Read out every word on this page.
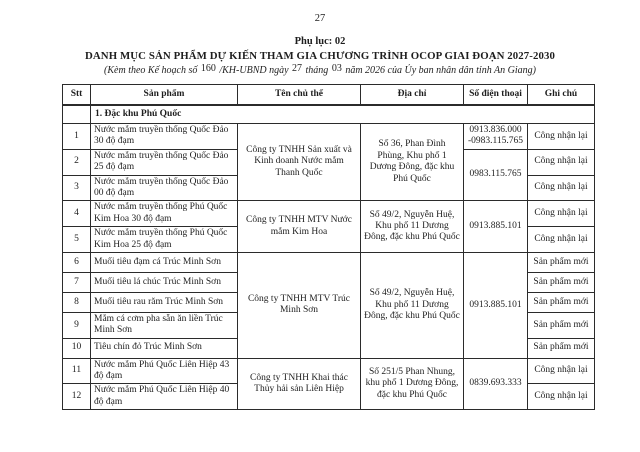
27
Phụ lục: 02
DANH MỤC SẢN PHẨM DỰ KIẾN THAM GIA CHƯƠNG TRÌNH OCOP GIAI ĐOẠN 2027-2030
(Kèm theo Kế hoạch số 160 /KH-UBND ngày 27 tháng 03 năm 2026 của Ủy ban nhân dân tỉnh An Giang)
Stt	Sản phẩm	Tên chủ thể	Địa chỉ	Số điện thoại	Ghi chú
	1. Đặc khu Phú Quốc				
1	Nước mắm truyền thống Quốc Đảo 30 độ đạm	Công ty TNHH Sản xuất và Kinh doanh Nước mắm Thanh Quốc	Số 36, Phan Đình Phùng, Khu phố 1 Dương Đông, đặc khu Phú Quốc	0913.836.000 -0983.115.765	Công nhận lại
2	Nước mắm truyền thống Quốc Đảo 25 độ đạm			0983.115.765	Công nhận lại
3	Nước mắm truyền thống Quốc Đảo 00 độ đạm				Công nhận lại
4	Nước mắm truyền thống Phú Quốc Kim Hoa 30 độ đạm	Công ty TNHH MTV Nước mắm Kim Hoa	Số 49/2, Nguyễn Huệ, Khu phố 11 Dương Đông, đặc khu Phú Quốc	0913.885.101	Công nhận lại
5	Nước mắm truyền thống Phú Quốc Kim Hoa 25 độ đạm				Công nhận lại
6	Muối tiêu đạm cá Trúc Minh Sơn	Công ty TNHH MTV Trúc Minh Sơn	Số 49/2, Nguyễn Huệ, Khu phố 11 Dương Đông, đặc khu Phú Quốc	0913.885.101	Sản phẩm mới
7	Muối tiêu lá chúc Trúc Minh Sơn				Sản phẩm mới
8	Muối tiêu rau răm Trúc Minh Sơn				Sản phẩm mới
9	Mắm cá cơm pha sẵn ăn liền Trúc Minh Sơn				Sản phẩm mới
10	Tiêu chín đỏ Trúc Minh Sơn				Sản phẩm mới
11	Nước mắm Phú Quốc Liên Hiệp 43 độ đạm	Công ty TNHH Khai thác Thủy hải sản Liên Hiệp	Số 251/5 Phan Nhung, khu phố 1 Dương Đông, đặc khu Phú Quốc	0839.693.333	Công nhận lại
12	Nước mắm Phú Quốc Liên Hiệp 40 độ đạm				Công nhận lại
